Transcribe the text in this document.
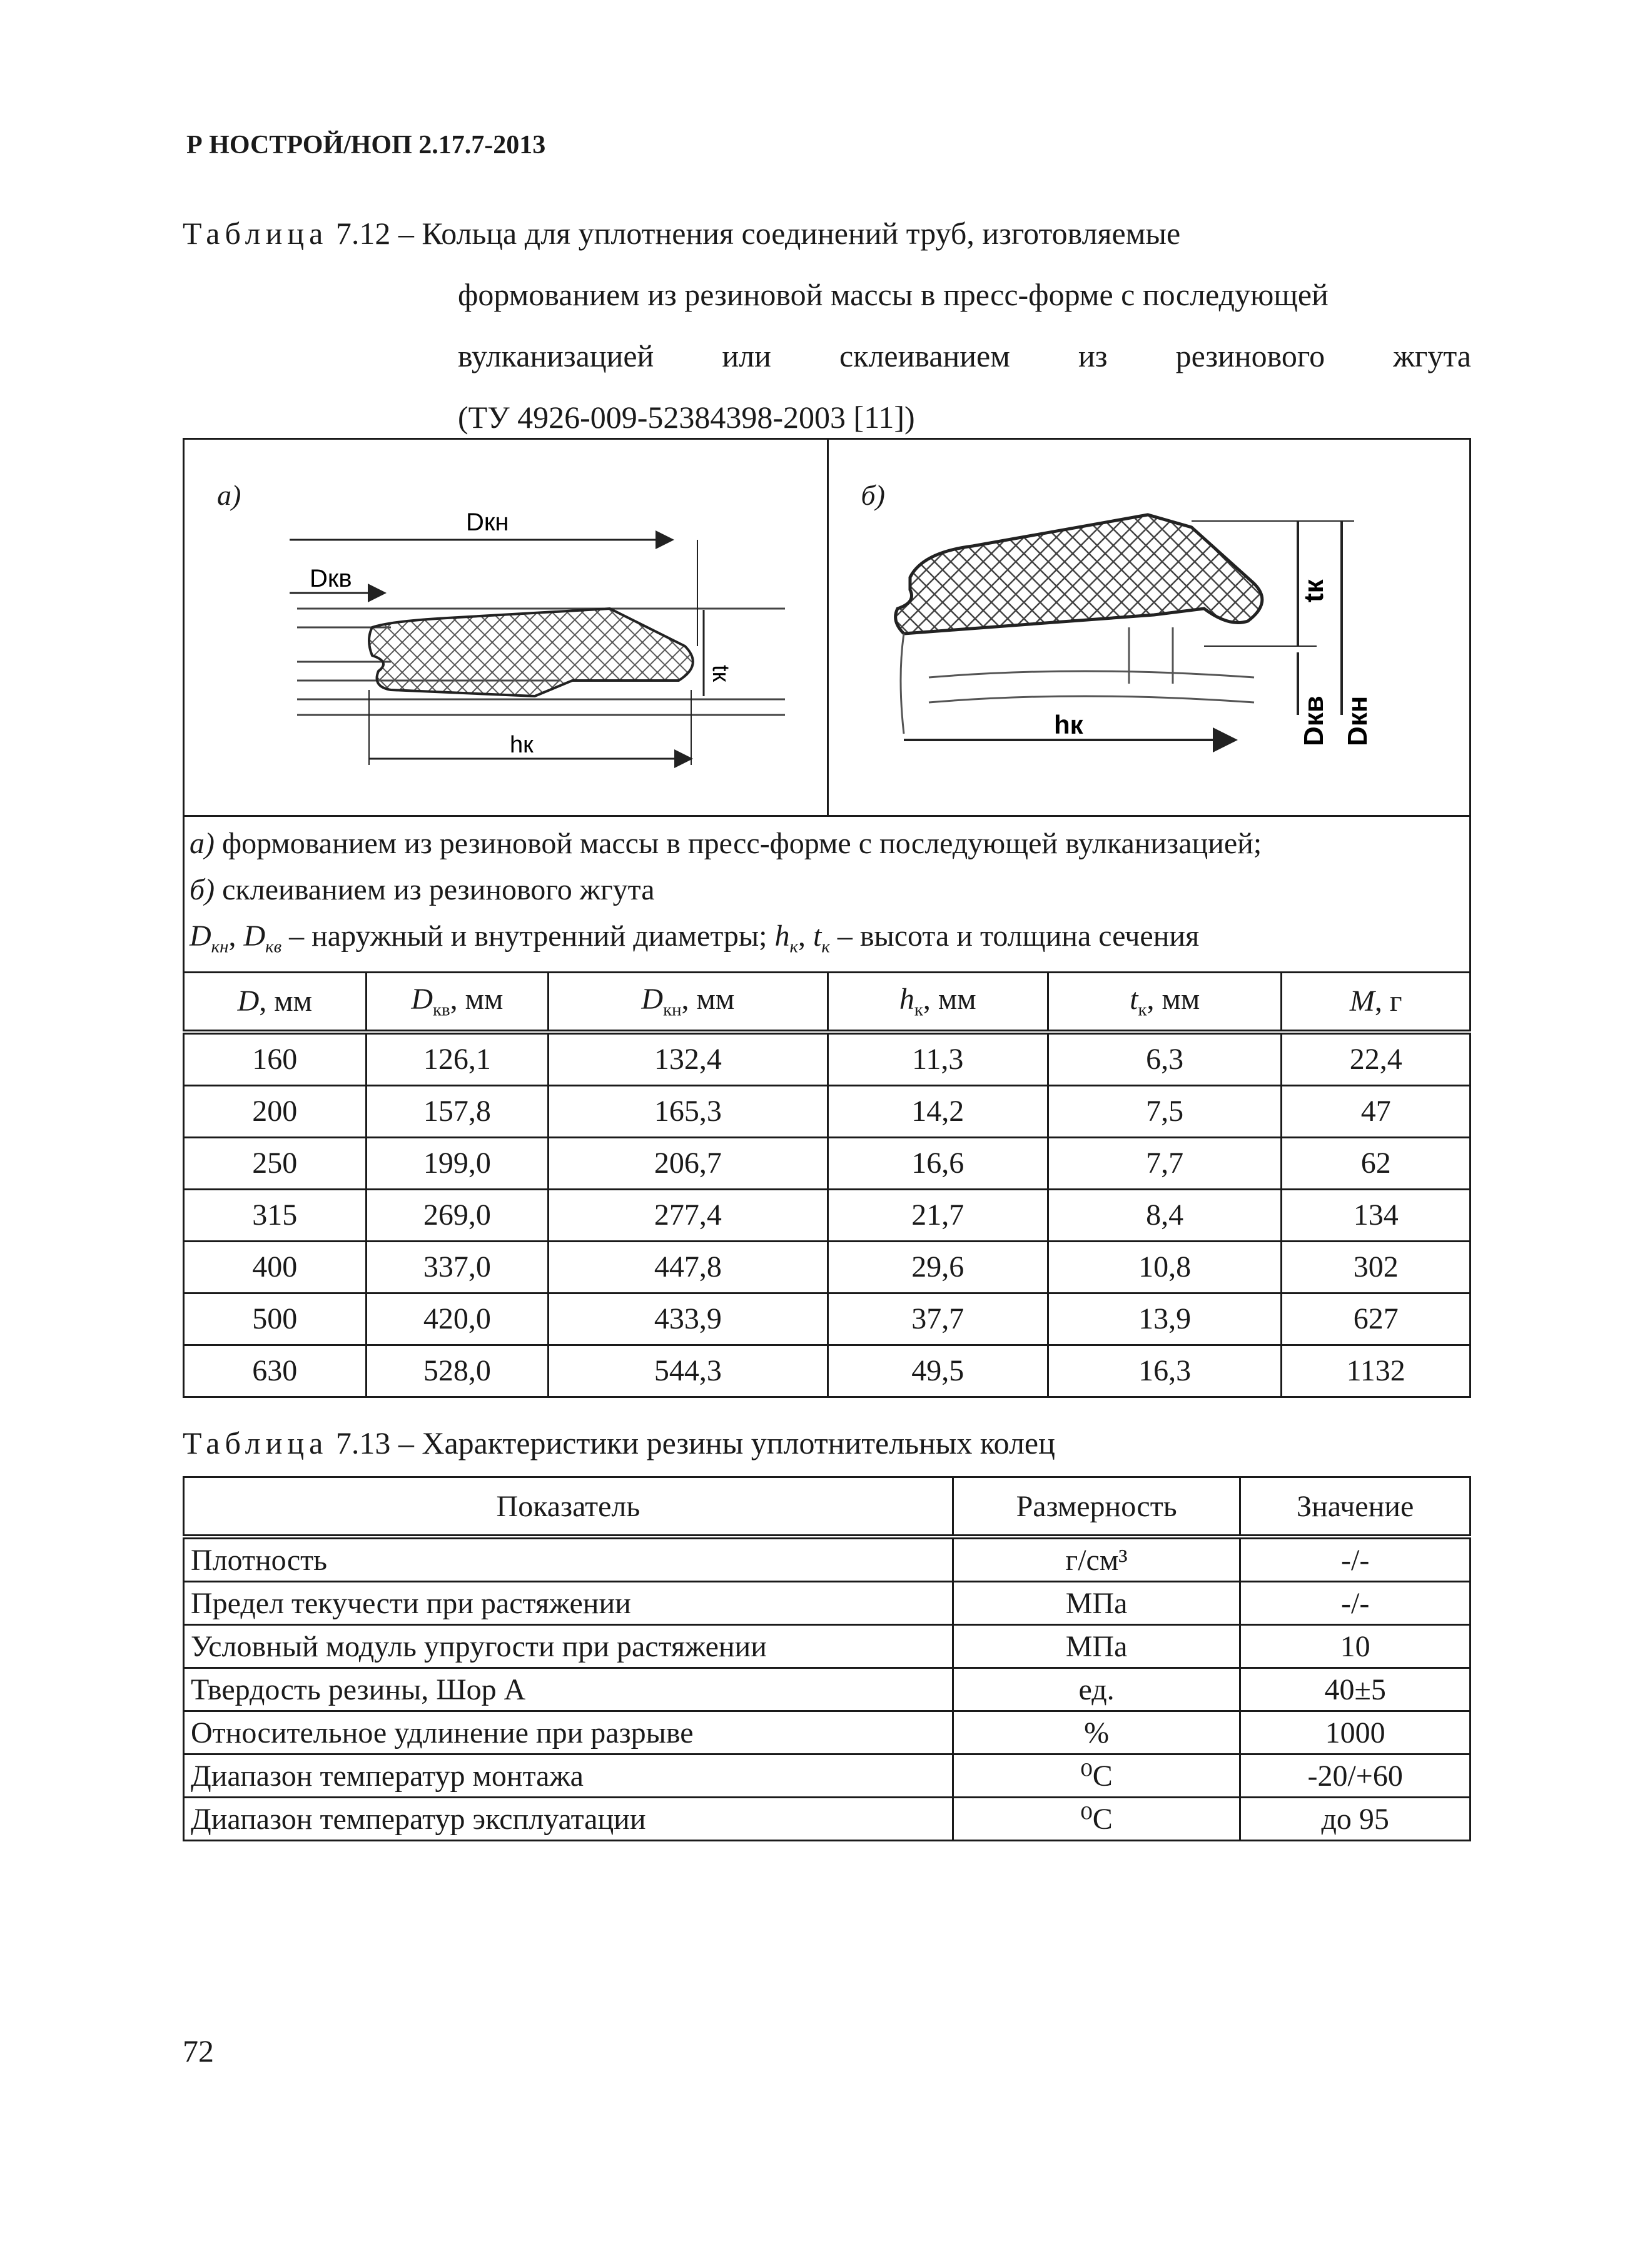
Р НОСТРОЙ/НОП 2.17.7-2013
Таблица 7.12 – Кольца для уплотнения соединений труб, изготовляемые
формованием из резиновой массы в пресс-форме с последующей
вулканизацией или склеиванием из резинового жгута
(ТУ 4926-009-52384398-2003 [11])
а)
Dкн
Dкв
tк
hк			б)
hк
tк
Dкв Dкн		

а) формованием из резиновой массы в пресс-форме с последующей вулканизацией;
б) склеиванием из резинового жгута
$D_{кн}$, $D_{кв}$ – наружный и внутренний диаметры; $h_к$, $t_к$ – высота и толщина сечения					

D, мм	$D_{кв}$, мм	$D_{кн}$, мм	$h_к$, мм	$t_к$, мм	M, г
160	126,1	132,4	11,3	6,3	22,4
200	157,8	165,3	14,2	7,5	47
250	199,0	206,7	16,6	7,7	62
315	269,0	277,4	21,7	8,4	134
400	337,0	447,8	29,6	10,8	302
500	420,0	433,9	37,7	13,9	627
630	528,0	544,3	49,5	16,3	1132
Таблица 7.13 – Характеристики резины уплотнительных колец
Показатель	Размерность	Значение
Плотность	г/см³	-/-
Предел текучести при растяжении	МПа	-/-
Условный модуль упругости при растяжении	МПа	10
Твердость резины, Шор А	ед.	40±5
Относительное удлинение при разрыве	%	1000
Диапазон температур монтажа	⁰С	-20/+60
Диапазон температур эксплуатации	⁰С	до 95
72
